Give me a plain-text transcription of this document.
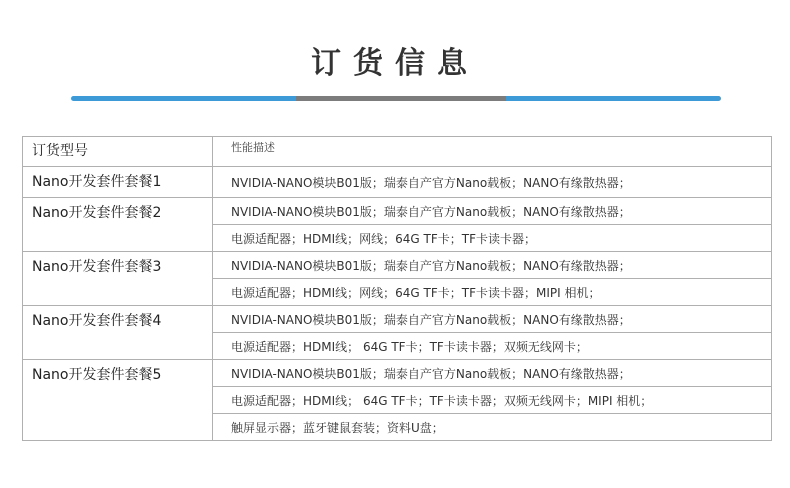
订货信息
订货型号	性能描述
Nano开发套件套餐1	NVIDIA-NANO模块B01版；瑞泰自产官方Nano载板；NANO有缘散热器；
Nano开发套件套餐2	NVIDIA-NANO模块B01版；瑞泰自产官方Nano载板；NANO有缘散热器；
	电源适配器；HDMI线；网线；64G TF卡；TF卡读卡器；
Nano开发套件套餐3	NVIDIA-NANO模块B01版；瑞泰自产官方Nano载板；NANO有缘散热器；
	电源适配器；HDMI线；网线；64G TF卡；TF卡读卡器；MIPI 相机；
Nano开发套件套餐4	NVIDIA-NANO模块B01版；瑞泰自产官方Nano载板；NANO有缘散热器；
	电源适配器；HDMI线； 64G TF卡；TF卡读卡器；双频无线网卡；
Nano开发套件套餐5	NVIDIA-NANO模块B01版；瑞泰自产官方Nano载板；NANO有缘散热器；
	电源适配器；HDMI线； 64G TF卡；TF卡读卡器；双频无线网卡；MIPI 相机；
	触屏显示器；蓝牙键鼠套装；资料U盘；
